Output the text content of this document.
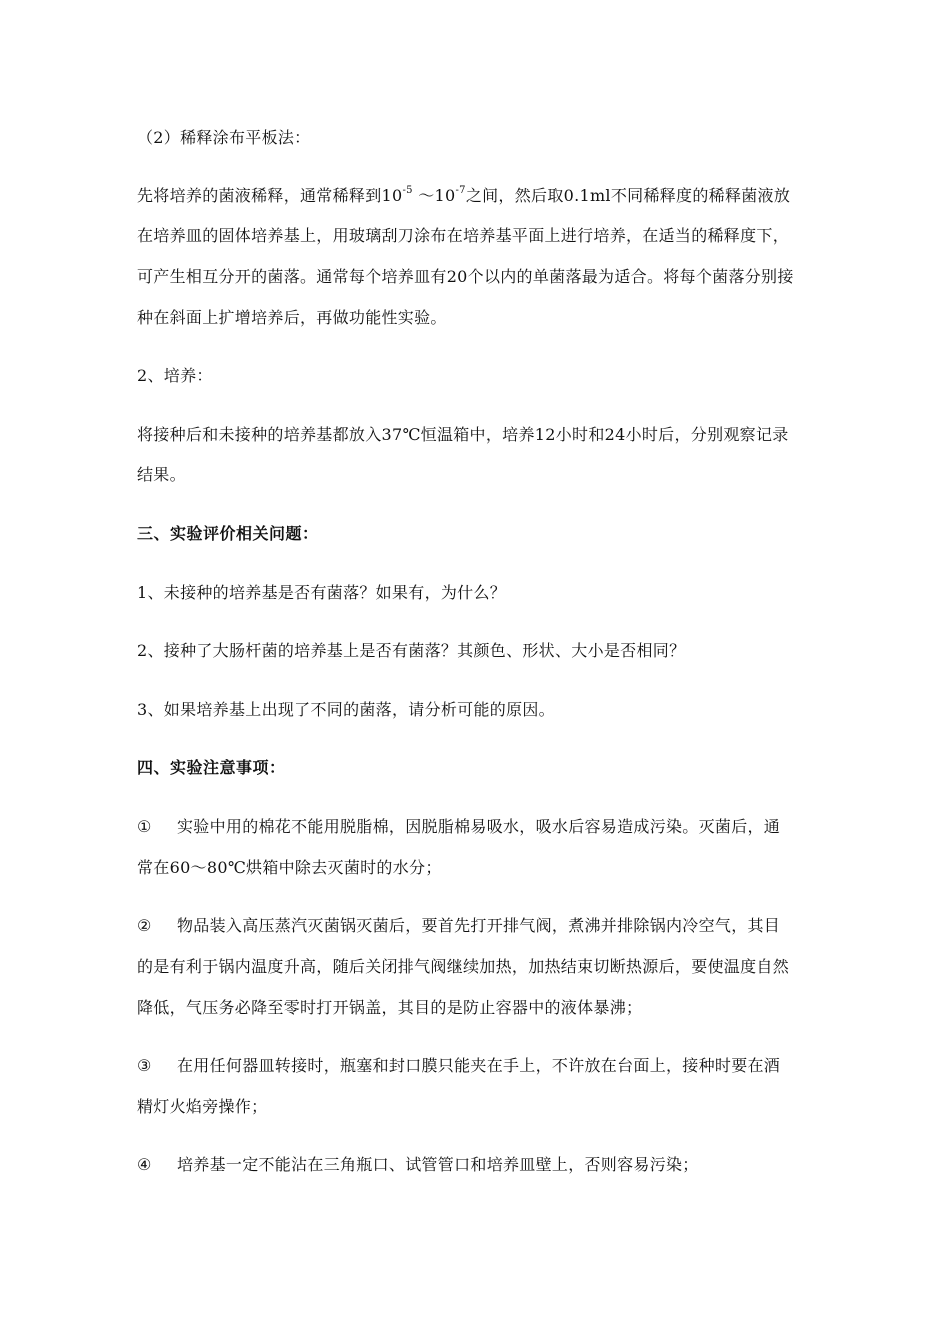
（2）稀释涂布平板法：
先将培养的菌液稀释，通常稀释到$10^{-5}$ $\sim 10^{-7}$之间，然后取0.1ml不同稀释度的稀释菌液放
在培养皿的固体培养基上，用玻璃刮刀涂布在培养基平面上进行培养，在适当的稀释度下，
可产生相互分开的菌落。通常每个培养皿有20个以内的单菌落最为适合。将每个菌落分别接
种在斜面上扩增培养后，再做功能性实验。
2、培养：
将接种后和未接种的培养基都放入37℃恒温箱中，培养12小时和24小时后，分别观察记录
结果。
三、实验评价相关问题：
1、未接种的培养基是否有菌落？如果有，为什么？
2、接种了大肠杆菌的培养基上是否有菌落？其颜色、形状、大小是否相同？
3、如果培养基上出现了不同的菌落，请分析可能的原因。
四、实验注意事项：
① 实验中用的棉花不能用脱脂棉，因脱脂棉易吸水，吸水后容易造成污染。灭菌后，通
常在60～80℃烘箱中除去灭菌时的水分；
② 物品装入高压蒸汽灭菌锅灭菌后，要首先打开排气阀，煮沸并排除锅内冷空气，其目
的是有利于锅内温度升高，随后关闭排气阀继续加热，加热结束切断热源后，要使温度自然
降低，气压务必降至零时打开锅盖，其目的是防止容器中的液体暴沸；
③ 在用任何器皿转接时，瓶塞和封口膜只能夹在手上，不许放在台面上，接种时要在酒
精灯火焰旁操作；
④ 培养基一定不能沾在三角瓶口、试管管口和培养皿壁上，否则容易污染；
